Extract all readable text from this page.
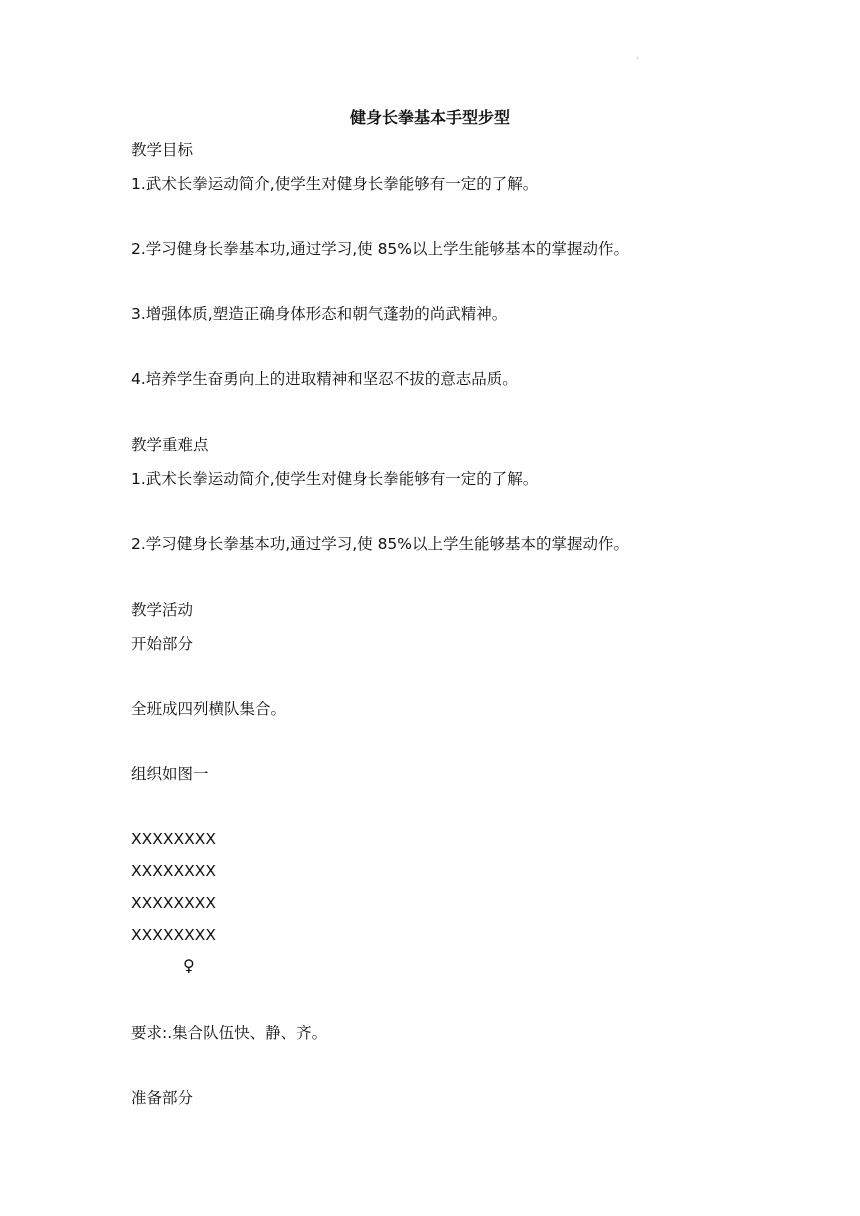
·
健身长拳基本手型步型
教学目标
1.武术长拳运动简介,使学生对健身长拳能够有一定的了解。
2.学习健身长拳基本功,通过学习,使 85%以上学生能够基本的掌握动作。
3.增强体质,塑造正确身体形态和朝气蓬勃的尚武精神。
4.培养学生奋勇向上的进取精神和坚忍不拔的意志品质。
教学重难点
1.武术长拳运动简介,使学生对健身长拳能够有一定的了解。
2.学习健身长拳基本功,通过学习,使 85%以上学生能够基本的掌握动作。
教学活动
开始部分
全班成四列横队集合。
组织如图一
XXXXXXXX
XXXXXXXX
XXXXXXXX
XXXXXXXX
♀
要求:.集合队伍快、静、齐。
准备部分
